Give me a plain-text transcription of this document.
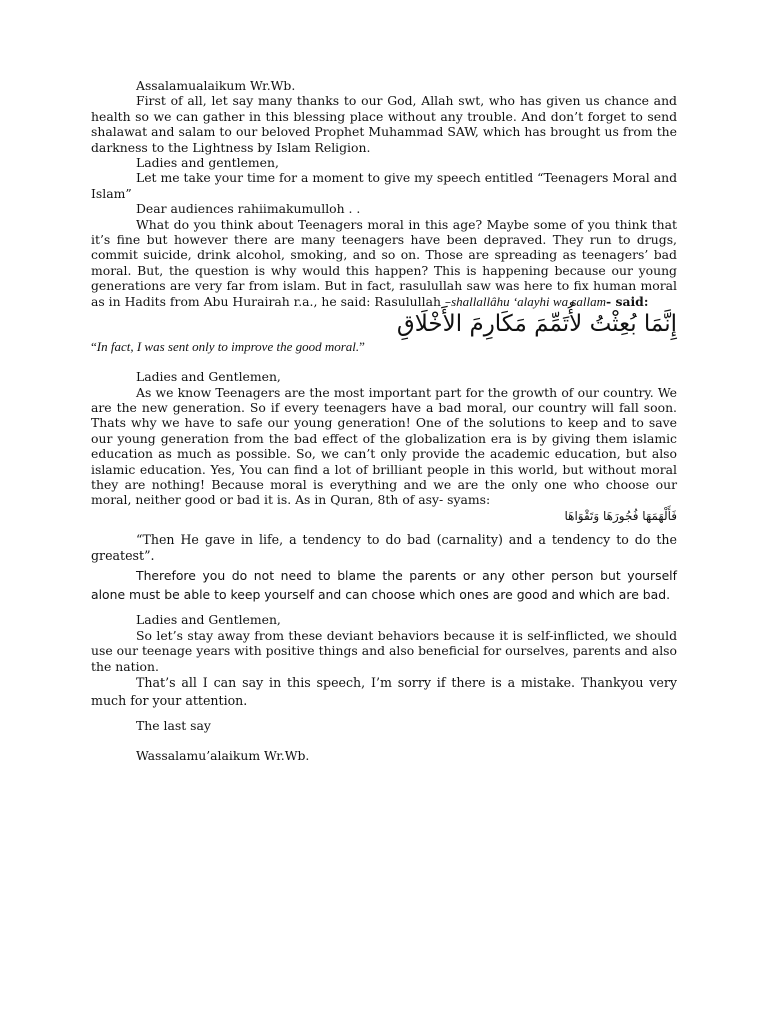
Assalamualaikum Wr.Wb.

First of all, let say many thanks to our God, Allah swt, who has given us chance and health so we can gather in this blessing place without any trouble. And don’t forget to send shalawat and salam to our beloved Prophet Muhammad SAW, which has brought us from the darkness to the Lightness by Islam Religion.

Ladies and gentlemen,

Let me take your time for a moment to give my speech entitled “Teenagers Moral and Islam”

Dear audiences rahiimakumulloh . .

What do you think about Teenagers moral in this age? Maybe some of you think that it’s fine but however there are many teenagers have been depraved. They run to drugs, commit suicide, drink alcohol, smoking, and so on. Those are spreading as teenagers’ bad moral. But, the question is why would this happen? This is happening because our young generations are very far from islam. But in fact, rasulullah saw was here to fix human moral as in Hadits from Abu Hurairah r.a., he said: Rasulullah –shallallâhu ‘alayhi wa sallam- said:

إِنَّمَا بُعِثْتُ لأُتَمِّمَ مَكَارِمَ الأَخْلَاقِ

“In fact, I was sent only to improve the good moral.”

Ladies and Gentlemen,

As we know Teenagers are the most important part for the growth of our country. We are the new generation. So if every teenagers have a bad moral, our country will fall soon. Thats why we have to safe our young generation! One of the solutions to keep and to save our young generation from the bad effect of the globalization era is by giving them islamic education as much as possible. So, we can’t only provide the academic education, but also islamic education. Yes, You can find a lot of brilliant people in this world, but without moral they are nothing! Because moral is everything and we are the only one who choose our moral, neither good or bad it is. As in Quran, 8th of asy- syams:

فَأَلْهَمَهَا فُجُورَهَا وَتَقْوَاهَا

“Then He gave in life, a tendency to do bad (carnality) and a tendency to do the greatest”.

Therefore you do not need to blame the parents or any other person but yourself alone must be able to keep yourself and can choose which ones are good and which are bad.

Ladies and Gentlemen,

So let’s stay away from these deviant behaviors because it is self-inflicted, we should use our teenage years with positive things and also beneficial for ourselves, parents and also the nation.

That’s all I can say in this speech, I’m sorry if there is a mistake. Thankyou very much for your attention.

The last say

Wassalamu’alaikum Wr.Wb.
